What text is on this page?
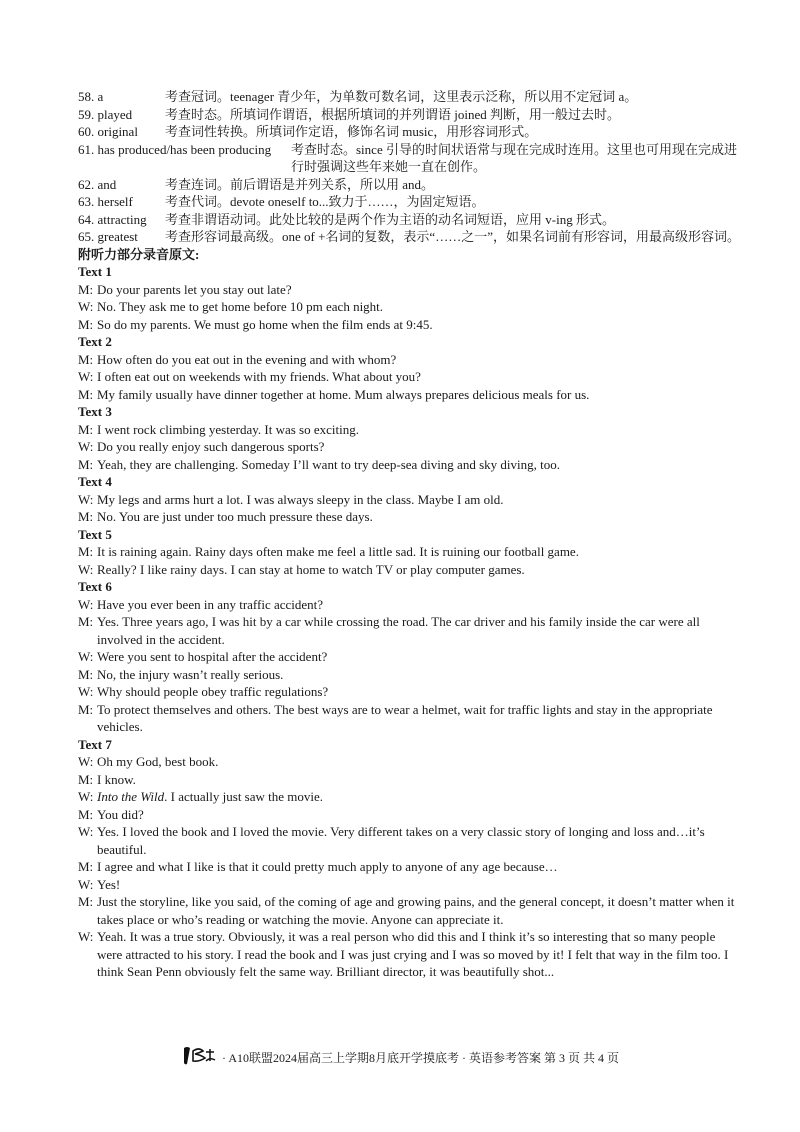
58. a	考查冠词。teenager 青少年，为单数可数名词，这里表示泛称，所以用不定冠词 a。
59. played	考查时态。所填词作谓语，根据所填词的并列谓语 joined 判断，用一般过去时。
60. original	考查词性转换。所填词作定语，修饰名词 music，用形容词形式。
61. has produced/has been producing	考查时态。since 引导的时间状语常与现在完成时连用。这里也可用现在完成进行时强调这些年来她一直在创作。
62. and	考查连词。前后谓语是并列关系，所以用 and。
63. herself	考查代词。devote oneself to...致力于……，为固定短语。
64. attracting	考查非谓语动词。此处比较的是两个作为主语的动名词短语，应用 v-ing 形式。
65. greatest	考查形容词最高级。one of +名词的复数，表示“……之一”，如果名词前有形容词，用最高级形容词。
附听力部分录音原文:
Text 1
M: Do your parents let you stay out late?
W: No. They ask me to get home before 10 pm each night.
M: So do my parents. We must go home when the film ends at 9:45.
Text 2
M: How often do you eat out in the evening and with whom?
W: I often eat out on weekends with my friends. What about you?
M: My family usually have dinner together at home. Mum always prepares delicious meals for us.
Text 3
M: I went rock climbing yesterday. It was so exciting.
W: Do you really enjoy such dangerous sports?
M: Yeah, they are challenging. Someday I’ll want to try deep-sea diving and sky diving, too.
Text 4
W: My legs and arms hurt a lot. I was always sleepy in the class. Maybe I am old.
M: No. You are just under too much pressure these days.
Text 5
M: It is raining again. Rainy days often make me feel a little sad. It is ruining our football game.
W: Really? I like rainy days. I can stay at home to watch TV or play computer games.
Text 6
W: Have you ever been in any traffic accident?
M: Yes. Three years ago, I was hit by a car while crossing the road. The car driver and his family inside the car were all involved in the accident.
W: Were you sent to hospital after the accident?
M: No, the injury wasn’t really serious.
W: Why should people obey traffic regulations?
M: To protect themselves and others. The best ways are to wear a helmet, wait for traffic lights and stay in the appropriate vehicles.
Text 7
W: Oh my God, best book.
M: I know.
W: Into the Wild. I actually just saw the movie.
M: You did?
W: Yes. I loved the book and I loved the movie. Very different takes on a very classic story of longing and loss and…it’s beautiful.
M: I agree and what I like is that it could pretty much apply to anyone of any age because…
W: Yes!
M: Just the storyline, like you said, of the coming of age and growing pains, and the general concept, it doesn’t matter when it takes place or who’s reading or watching the movie. Anyone can appreciate it.
W: Yeah. It was a true story. Obviously, it was a real person who did this and I think it’s so interesting that so many people were attracted to his story. I read the book and I was just crying and I was so moved by it! I felt that way in the film too. I think Sean Penn obviously felt the same way. Brilliant director, it was beautifully shot...
· A10联盟2024届高三上学期8月底开学摸底考 · 英语参考答案 第 3 页 共 4 页
